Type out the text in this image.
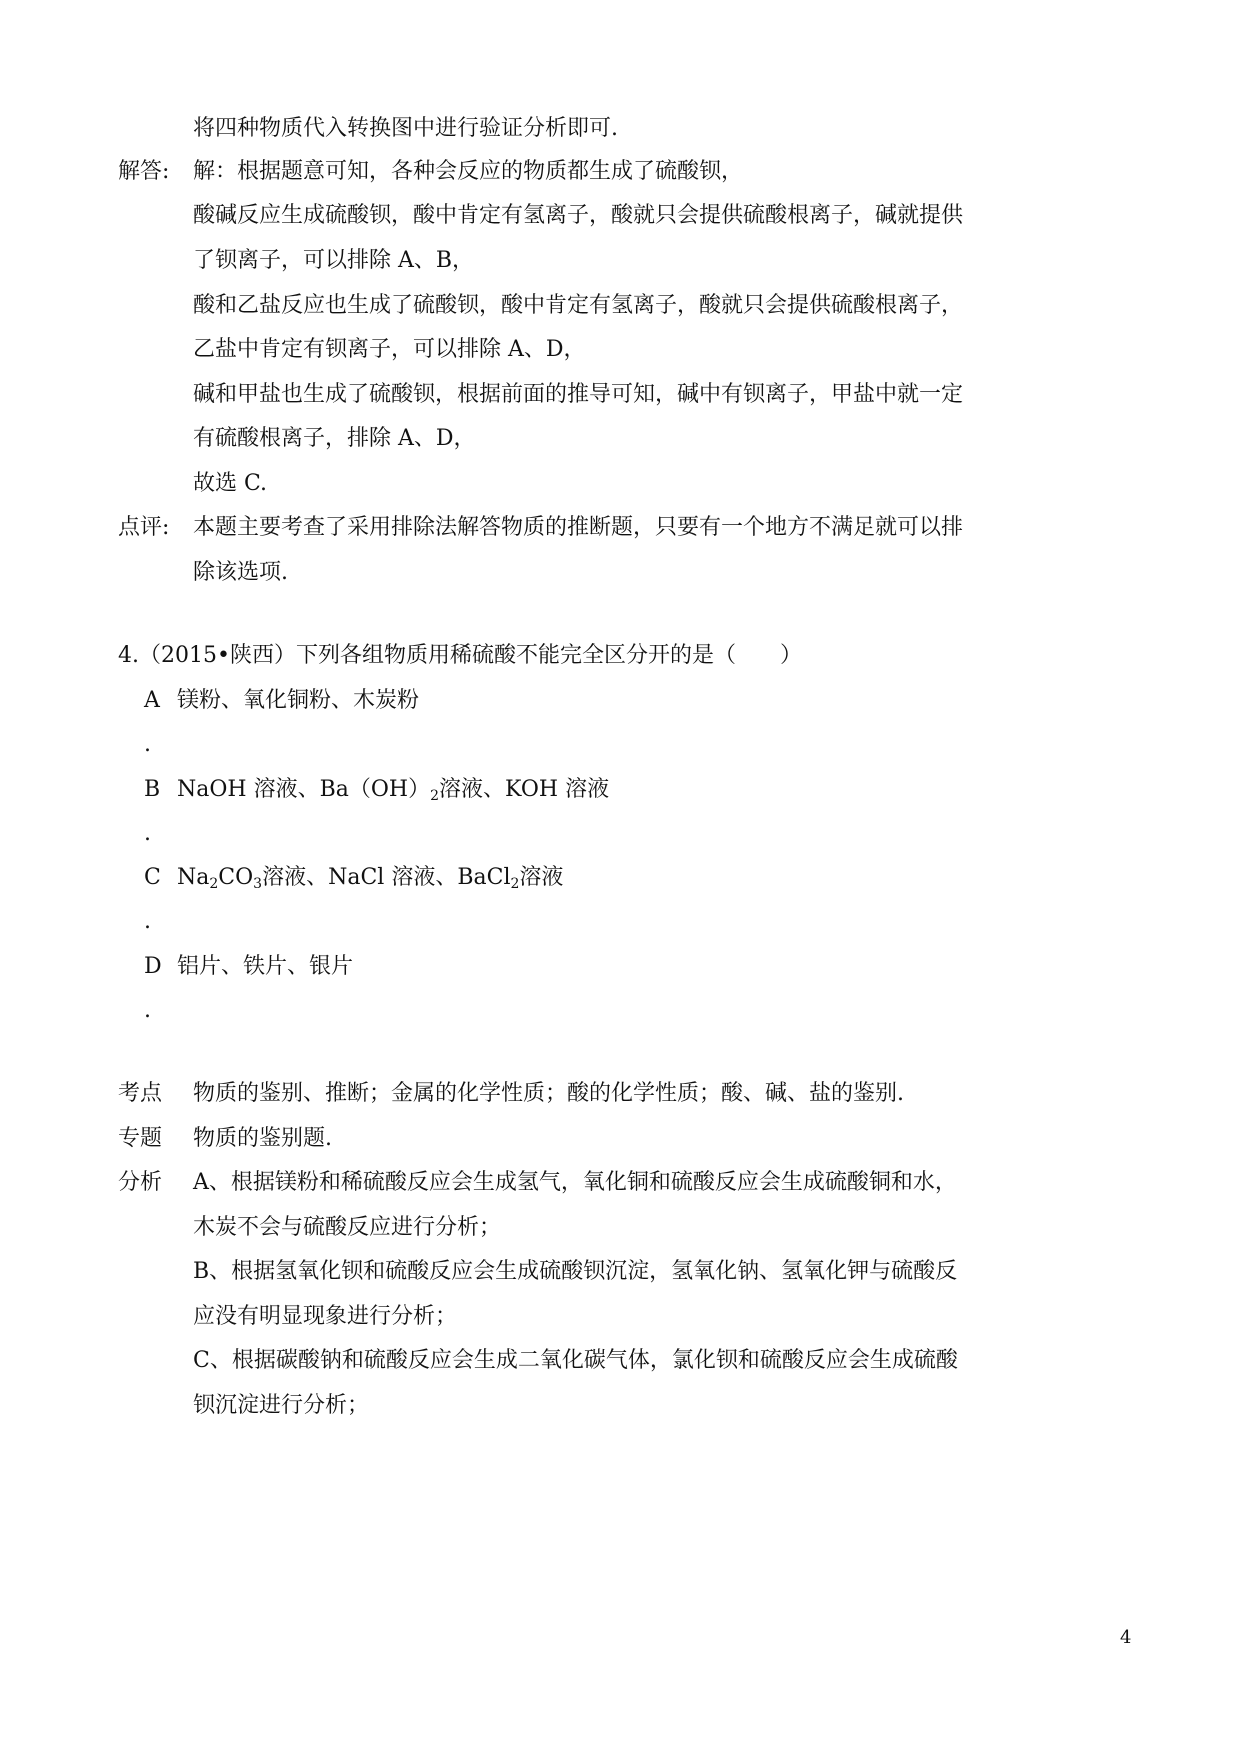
将四种物质代入转换图中进行验证分析即可.
解答: 解：根据题意可知，各种会反应的物质都生成了硫酸钡，
酸碱反应生成硫酸钡，酸中肯定有氢离子，酸就只会提供硫酸根离子，碱就提供
了钡离子，可以排除 A、B，
酸和乙盐反应也生成了硫酸钡，酸中肯定有氢离子，酸就只会提供硫酸根离子，
乙盐中肯定有钡离子，可以排除 A、D，
碱和甲盐也生成了硫酸钡，根据前面的推导可知，碱中有钡离子，甲盐中就一定
有硫酸根离子，排除 A、D，
故选 C.
点评: 本题主要考查了采用排除法解答物质的推断题，只要有一个地方不满足就可以排
除该选项.
4.（2015•陕西）下列各组物质用稀硫酸不能完全区分开的是（　　）
A 镁粉、氧化铜粉、木炭粉
.
B NaOH 溶液、$Ba(OH)_2$溶液、KOH 溶液
.
C $Na_2CO_3$溶液、NaCl 溶液、BaCl$_2$溶液
.
D 铝片、铁片、银片
.
考点 物质的鉴别、推断；金属的化学性质；酸的化学性质；酸、碱、盐的鉴别.
专题 物质的鉴别题.
分析 A、根据镁粉和稀硫酸反应会生成氢气，氧化铜和硫酸反应会生成硫酸铜和水，
木炭不会与硫酸反应进行分析；
B、根据氢氧化钡和硫酸反应会生成硫酸钡沉淀，氢氧化钠、氢氧化钾与硫酸反
应没有明显现象进行分析；
C、根据碳酸钠和硫酸反应会生成二氧化碳气体，氯化钡和硫酸反应会生成硫酸
钡沉淀进行分析；
4
